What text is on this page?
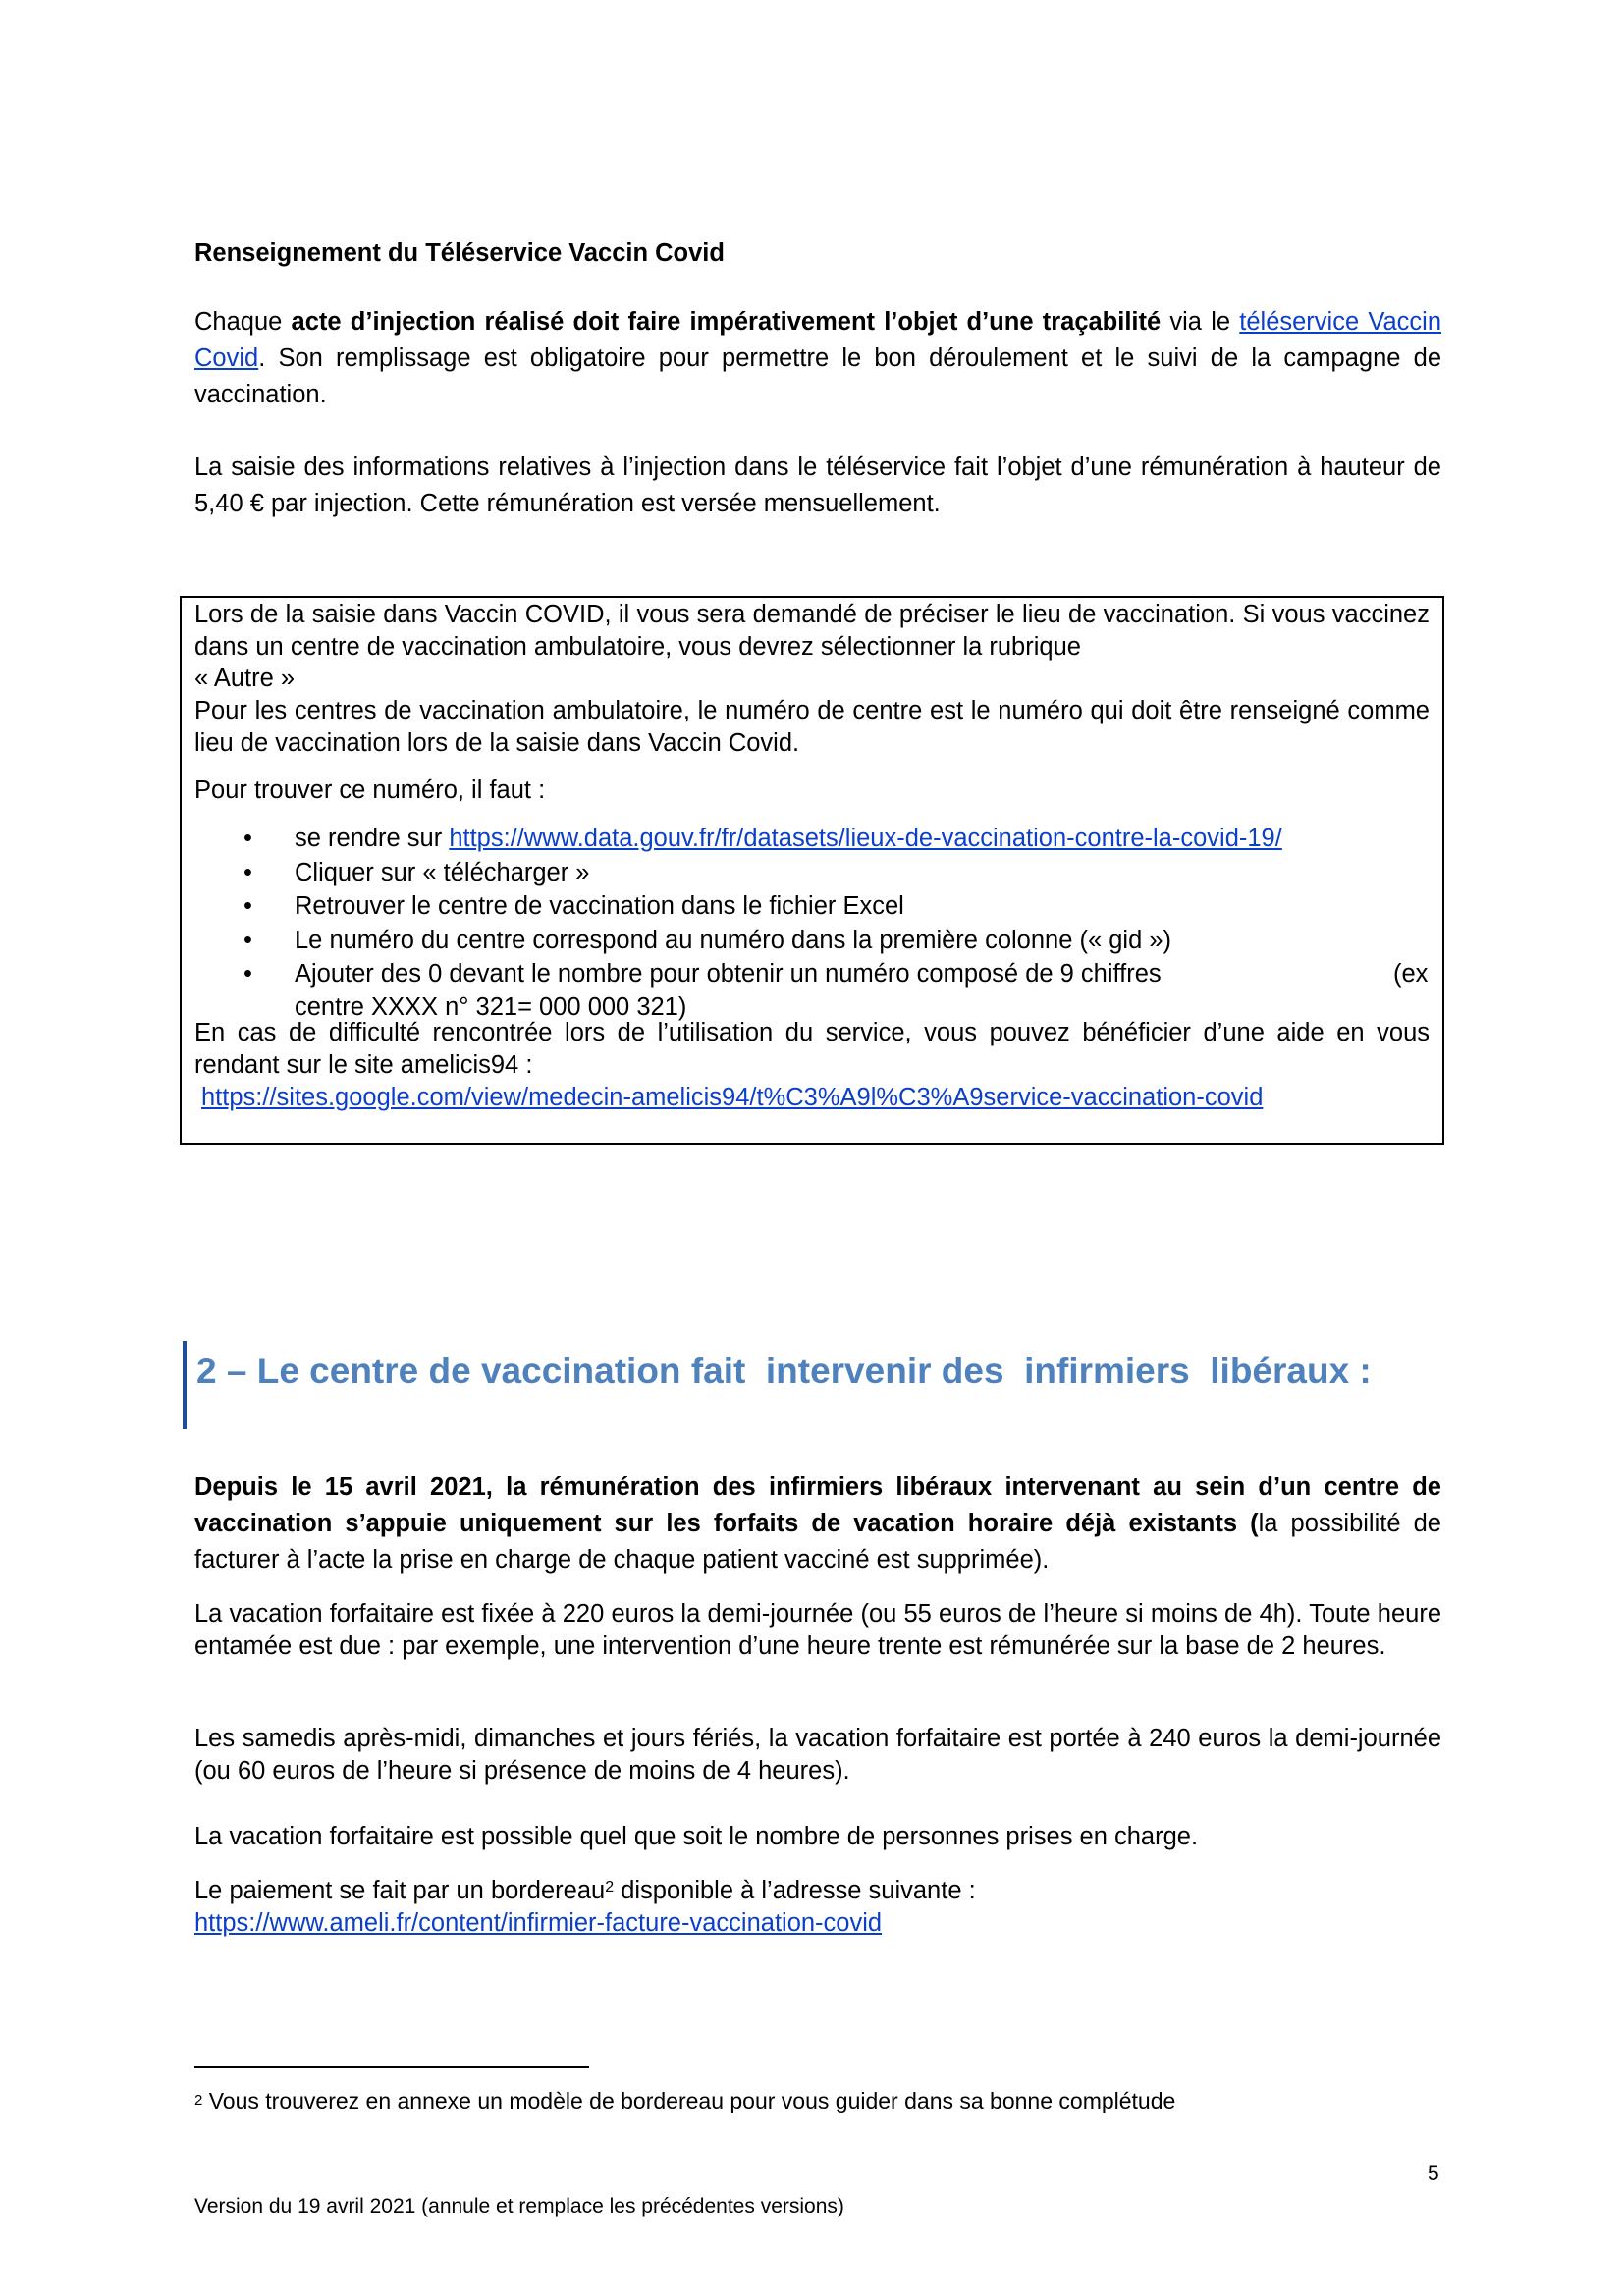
Renseignement du Téléservice Vaccin Covid
Chaque acte d’injection réalisé doit faire impérativement l’objet d’une traçabilité via le téléservice Vaccin Covid. Son remplissage est obligatoire pour permettre le bon déroulement et le suivi de la campagne de vaccination.
La saisie des informations relatives à l’injection dans le téléservice fait l’objet d’une rémunération à hauteur de 5,40 € par injection. Cette rémunération est versée mensuellement.
Lors de la saisie dans Vaccin COVID, il vous sera demandé de préciser le lieu de vaccination. Si vous vaccinez dans un centre de vaccination ambulatoire, vous devrez sélectionner la rubrique
« Autre »
Pour les centres de vaccination ambulatoire, le numéro de centre est le numéro qui doit être renseigné comme lieu de vaccination lors de la saisie dans Vaccin Covid.
Pour trouver ce numéro, il faut :
• se rendre sur https://www.data.gouv.fr/fr/datasets/lieux-de-vaccination-contre-la-covid-19/
• Cliquer sur « télécharger »
• Retrouver le centre de vaccination dans le fichier Excel
• Le numéro du centre correspond au numéro dans la première colonne (« gid »)
• Ajouter des 0 devant le nombre pour obtenir un numéro composé de 9 chiffres	(ex
centre XXXX n° 321= 000 000 321)
En cas de difficulté rencontrée lors de l’utilisation du service, vous pouvez bénéficier d’une aide en vous rendant sur le site amelicis94 :
https://sites.google.com/view/medecin-amelicis94/t%C3%A9l%C3%A9service-vaccination-covid
2 – Le centre de vaccination fait  intervenir des  infirmiers  libéraux :
Depuis le 15 avril 2021, la rémunération des infirmiers libéraux intervenant au sein d’un centre de vaccination s’appuie uniquement sur les forfaits de vacation horaire déjà existants (la possibilité de facturer à l’acte la prise en charge de chaque patient vacciné est supprimée).
La vacation forfaitaire est fixée à 220 euros la demi-journée (ou 55 euros de l’heure si moins de 4h). Toute heure entamée est due : par exemple, une intervention d’une heure trente est rémunérée sur la base de 2 heures.
Les samedis après-midi, dimanches et jours fériés, la vacation forfaitaire est portée à 240 euros la demi-journée (ou 60 euros de l’heure si présence de moins de 4 heures).
La vacation forfaitaire est possible quel que soit le nombre de personnes prises en charge.
Le paiement se fait par un bordereau$^2$ disponible à l’adresse suivante :
https://www.ameli.fr/content/infirmier-facture-vaccination-covid
$^2$ Vous trouverez en annexe un modèle de bordereau pour vous guider dans sa bonne complétude
5
Version du 19 avril 2021 (annule et remplace les précédentes versions)
